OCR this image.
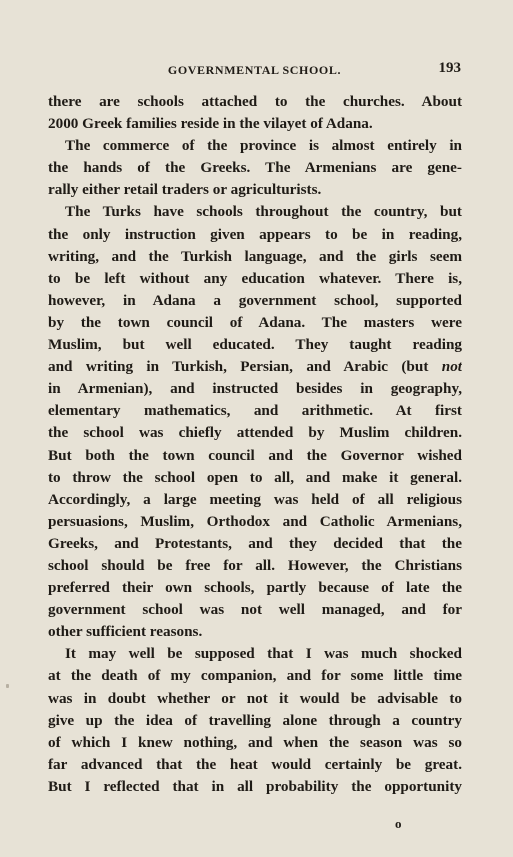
GOVERNMENTAL SCHOOL.	193
there are schools attached to the churches. About
2000 Greek families reside in the vilayet of Adana.
The commerce of the province is almost entirely in
the hands of the Greeks. The Armenians are gene-
rally either retail traders or agriculturists.
The Turks have schools throughout the country, but
the only instruction given appears to be in reading,
writing, and the Turkish language, and the girls seem
to be left without any education whatever. There is,
however, in Adana a government school, supported
by the town council of Adana. The masters were
Muslim, but well educated. They taught reading
and writing in Turkish, Persian, and Arabic (but not
in Armenian), and instructed besides in geography,
elementary mathematics, and arithmetic. At first
the school was chiefly attended by Muslim children.
But both the town council and the Governor wished
to throw the school open to all, and make it general.
Accordingly, a large meeting was held of all religious
persuasions, Muslim, Orthodox and Catholic Armenians,
Greeks, and Protestants, and they decided that the
school should be free for all. However, the Christians
preferred their own schools, partly because of late the
government school was not well managed, and for
other sufficient reasons.
It may well be supposed that I was much shocked
at the death of my companion, and for some little time
was in doubt whether or not it would be advisable to
give up the idea of travelling alone through a country
of which I knew nothing, and when the season was so
far advanced that the heat would certainly be great.
But I reflected that in all probability the opportunity
o
